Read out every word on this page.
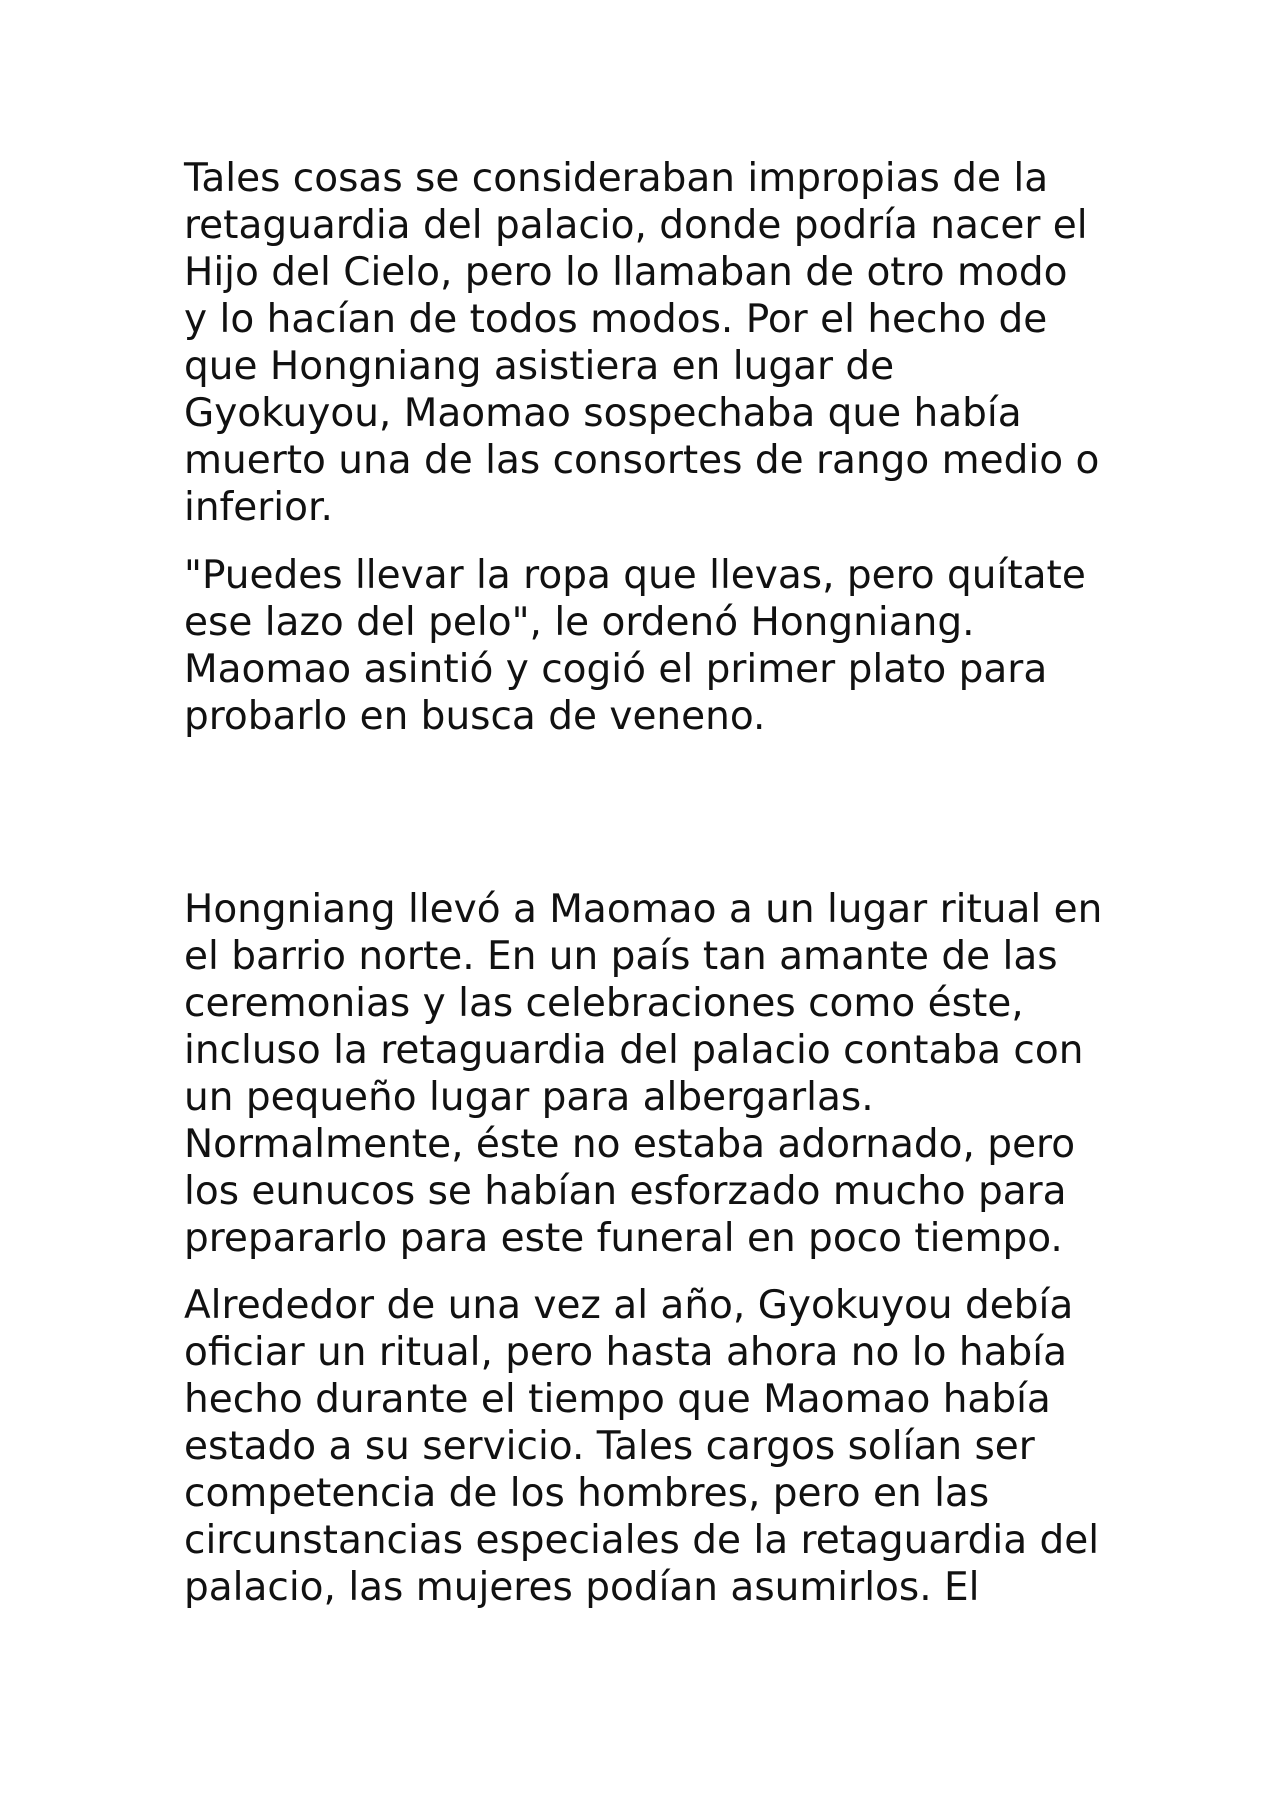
Tales cosas se consideraban impropias de la
retaguardia del palacio, donde podría nacer el
Hijo del Cielo, pero lo llamaban de otro modo
y lo hacían de todos modos. Por el hecho de
que Hongniang asistiera en lugar de
Gyokuyou, Maomao sospechaba que había
muerto una de las consortes de rango medio o
inferior.

"Puedes llevar la ropa que llevas, pero quítate
ese lazo del pelo", le ordenó Hongniang.
Maomao asintió y cogió el primer plato para
probarlo en busca de veneno.

Hongniang llevó a Maomao a un lugar ritual en
el barrio norte. En un país tan amante de las
ceremonias y las celebraciones como éste,
incluso la retaguardia del palacio contaba con
un pequeño lugar para albergarlas.
Normalmente, éste no estaba adornado, pero
los eunucos se habían esforzado mucho para
prepararlo para este funeral en poco tiempo.

Alrededor de una vez al año, Gyokuyou debía
oficiar un ritual, pero hasta ahora no lo había
hecho durante el tiempo que Maomao había
estado a su servicio. Tales cargos solían ser
competencia de los hombres, pero en las
circunstancias especiales de la retaguardia del
palacio, las mujeres podían asumirlos. El
